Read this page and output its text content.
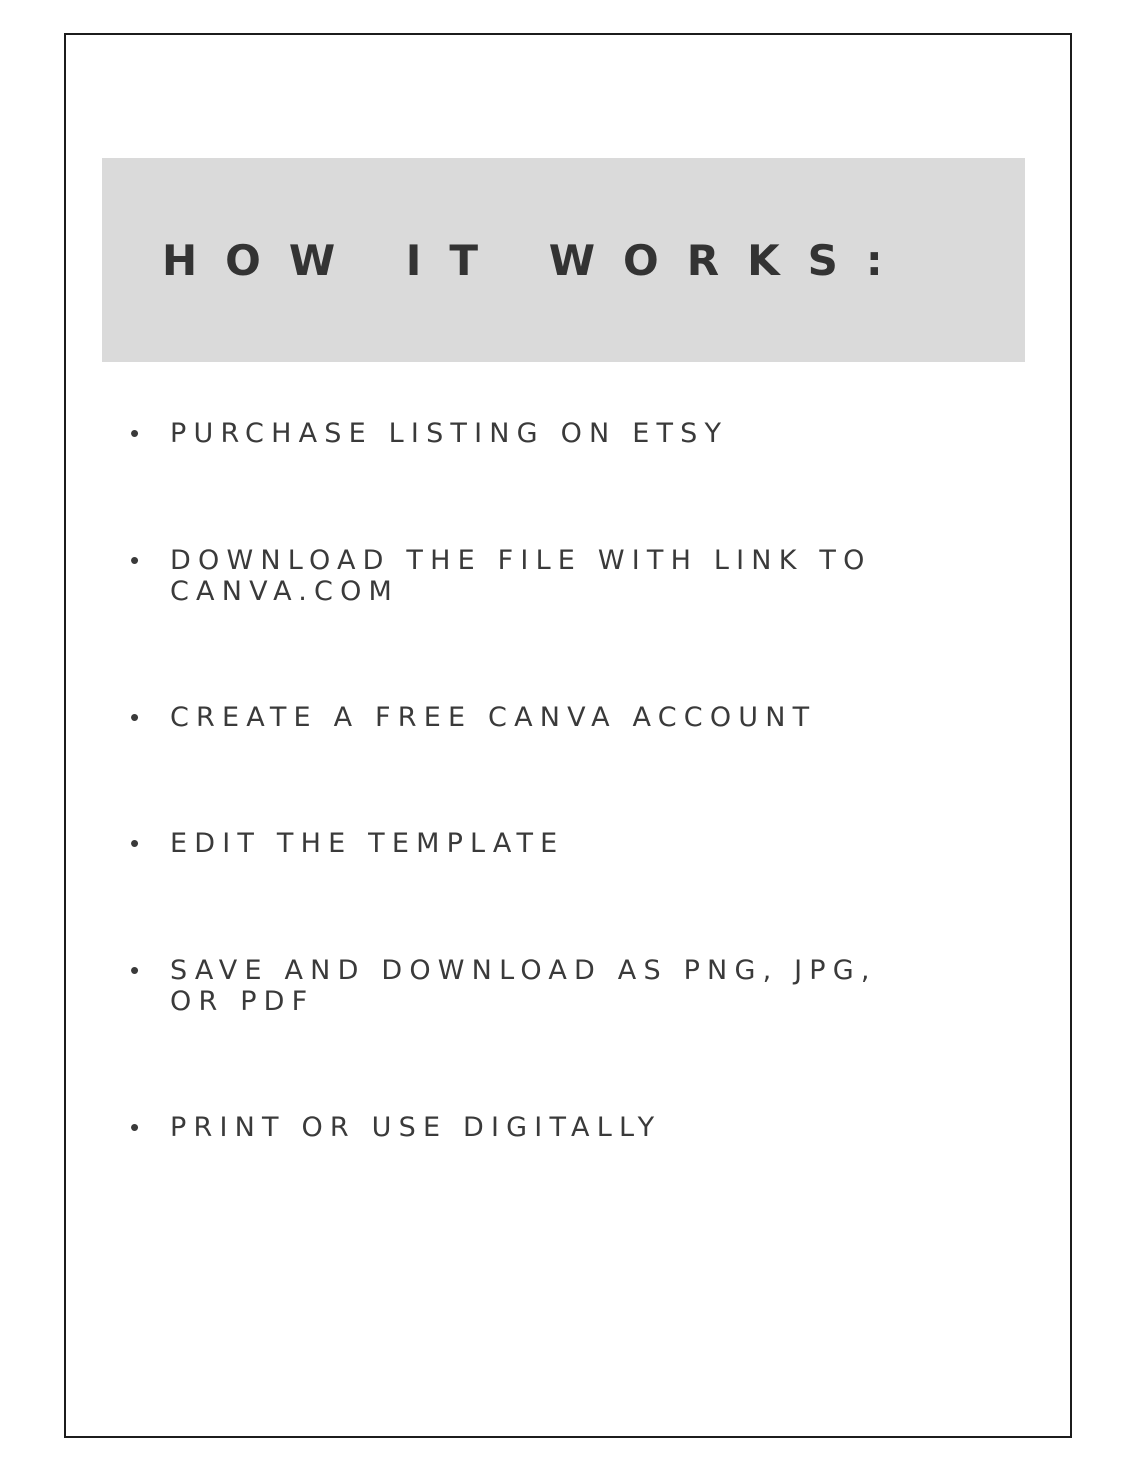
HOW IT WORKS:
•	PURCHASE LISTING ON ETSY
•	DOWNLOAD THE FILE WITH LINK TO
CANVA.COM
•	CREATE A FREE CANVA ACCOUNT
•	EDIT THE TEMPLATE
•	SAVE AND DOWNLOAD AS PNG, JPG,
OR PDF
•	PRINT OR USE DIGITALLY
